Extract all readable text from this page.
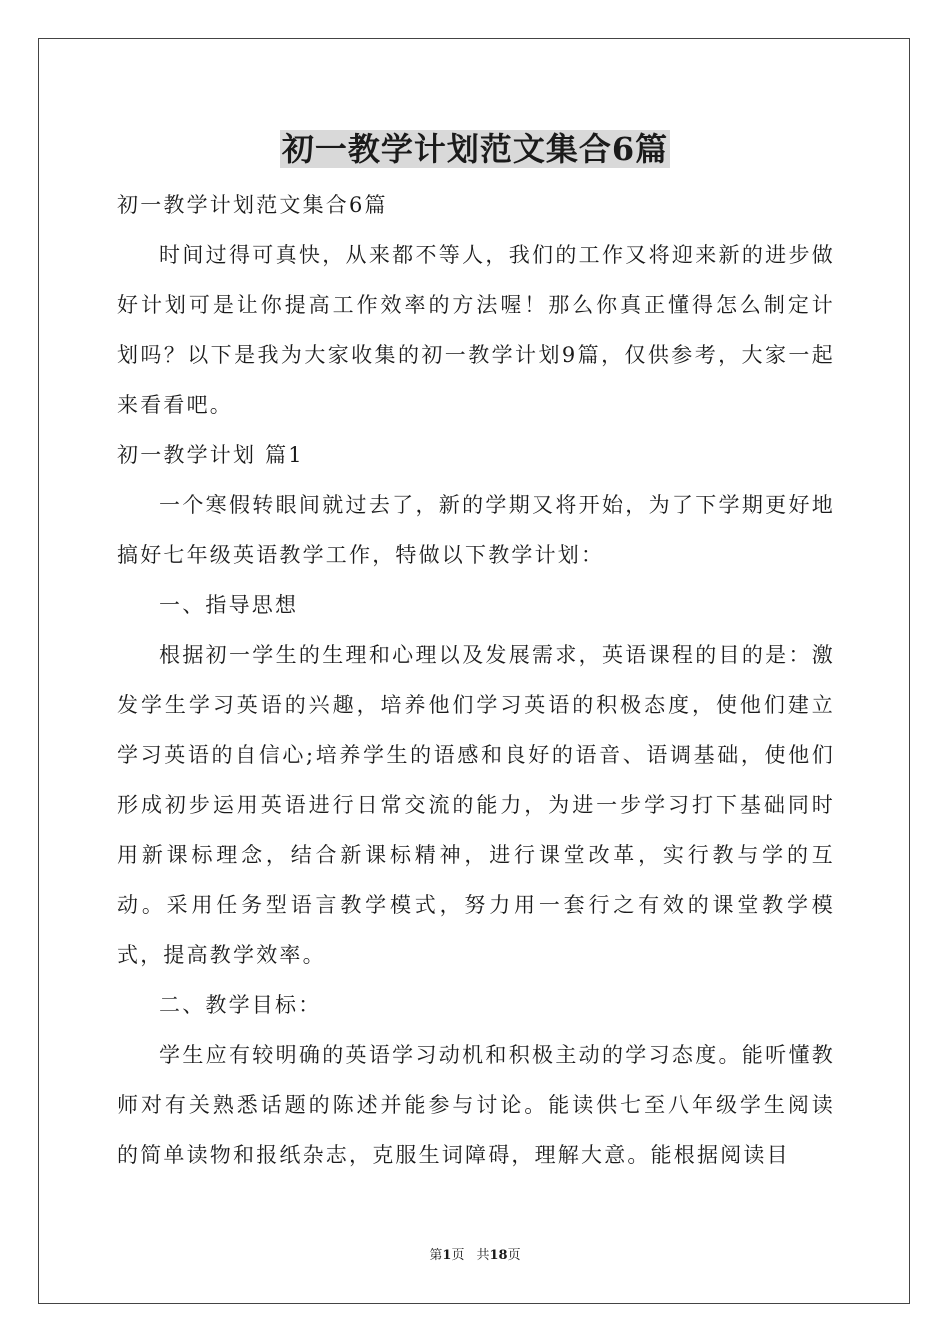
初一教学计划范文集合6篇

初一教学计划范文集合6篇

时间过得可真快，从来都不等人，我们的工作又将迎来新的进步做好计划可是让你提高工作效率的方法喔！那么你真正懂得怎么制定计划吗？以下是我为大家收集的初一教学计划9篇，仅供参考，大家一起来看看吧。

初一教学计划 篇1

一个寒假转眼间就过去了，新的学期又将开始，为了下学期更好地搞好七年级英语教学工作，特做以下教学计划：

一、指导思想

根据初一学生的生理和心理以及发展需求，英语课程的目的是：激发学生学习英语的兴趣，培养他们学习英语的积极态度，使他们建立学习英语的自信心;培养学生的语感和良好的语音、语调基础，使他们形成初步运用英语进行日常交流的能力，为进一步学习打下基础同时用新课标理念，结合新课标精神，进行课堂改革，实行教与学的互动。采用任务型语言教学模式，努力用一套行之有效的课堂教学模式，提高教学效率。

二、教学目标：

学生应有较明确的英语学习动机和积极主动的学习态度。能听懂教师对有关熟悉话题的陈述并能参与讨论。能读供七至八年级学生阅读的简单读物和报纸杂志，克服生词障碍，理解大意。能根据阅读目

第1页 共18页
